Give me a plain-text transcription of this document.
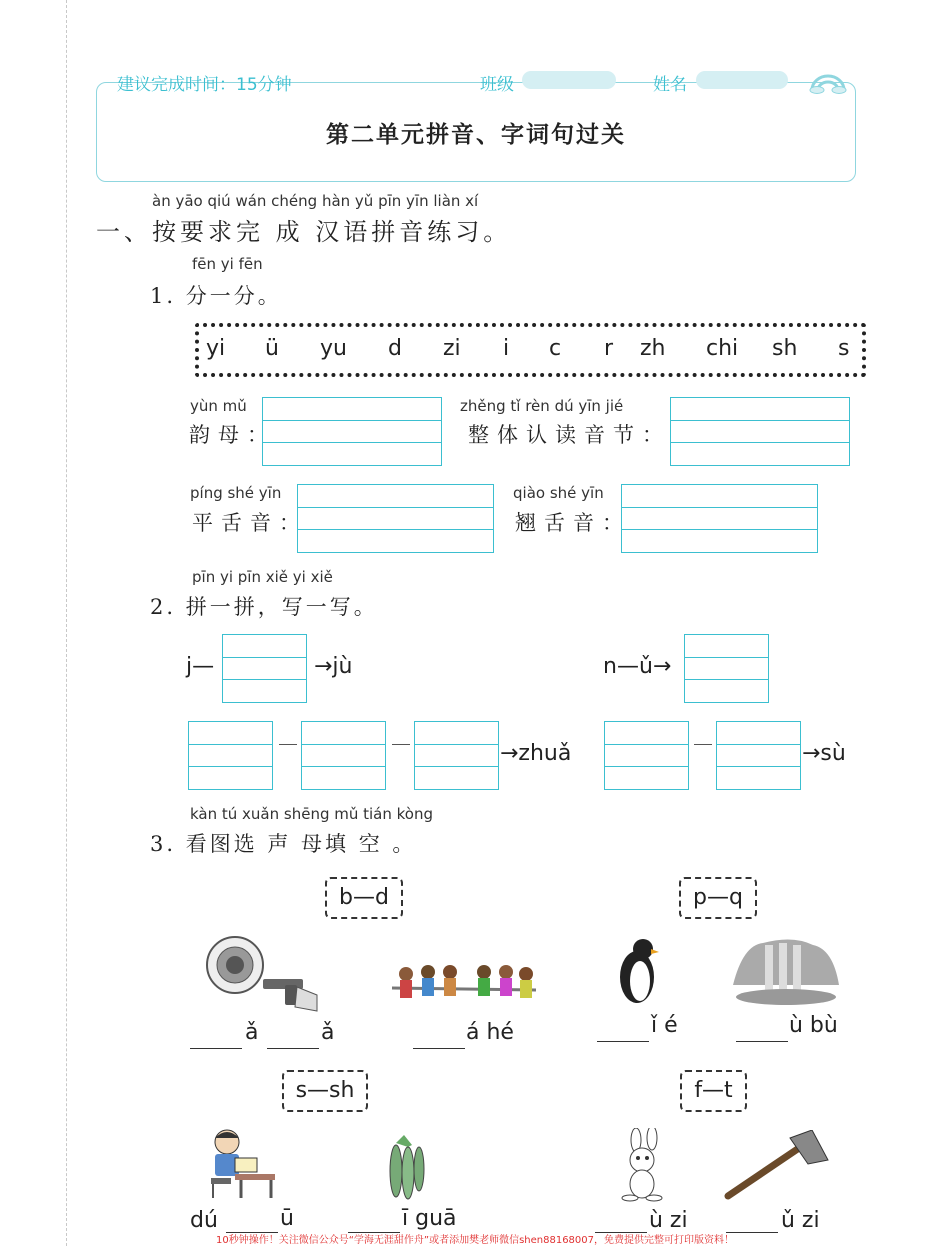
建议完成时间：15分钟	班级	姓名
第二单元拼音、字词句过关
àn yāo qiú wán chéng hàn yǔ pīn yīn liàn xí
一、按要求完 成 汉语拼音练习。
fēn yi fēn
1. 分一分。
yi ü yu d zi i c r zh chi sh s
yùn mǔ
韵母：
zhěng tǐ rèn dú yīn jié
整体认读音节：
píng shé yīn
平舌音：
qiào shé yīn
翘舌音：
pīn yi pīn xiě yi xiě
2. 拼一拼，写一写。
j—	→jù	n—ǔ→
→zhuǎ	→sù
kàn tú xuǎn shēng mǔ tián kòng
3. 看图选 声 母填 空 。
b—d	p—q
ǎ	ǎ	á hé	ǐ é	ù bù
s—sh	f—t
dú	ū	ī guā	ù zi	ǔ zi
10秒钟操作！关注微信公众号“学海无涯甜作舟”或者添加樊老师微信shen88168007，免费提供完整可打印版资料！
